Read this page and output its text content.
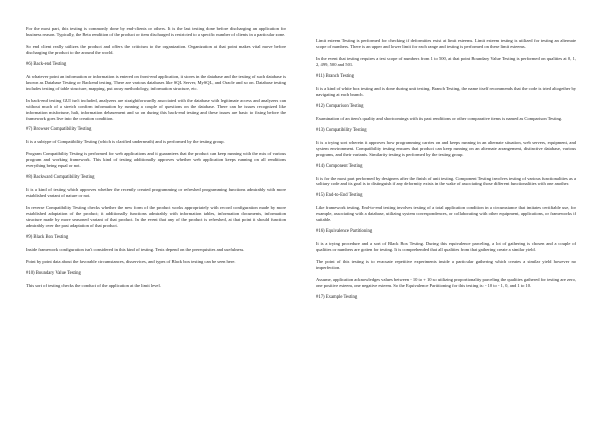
For the most part, this testing is commonly done by end-clients or others. It is the last testing done before discharging an application for business reason. Typically, the Beta rendition of the product or item discharged is restricted to a specific number of clients in a particular zone.

So end client really utilizes the product and offers the criticism to the organization. Organization at that point makes vital move before discharging the product to the around the world.

#6) Back-end Testing

At whatever point an information or information is entered on front-end application, it stores in the database and the testing of such database is known as Database Testing or Backend testing. There are various databases like SQL Server, MySQL, and Oracle and so on. Database testing includes testing of table structure, mapping, put away methodology, information structure, etc.

In back-end testing GUI isn't included, analyzers are straightforwardly associated with the database with legitimate access and analyzers can without much of a stretch confirm information by running a couple of questions on the database. There can be issues recognized like information misfortune, halt, information debasement and so on during this back-end testing and these issues are basic to fixing before the framework goes live into the creation condition.

#7) Browser Compatibility Testing

It is a subtype of Compatibility Testing (which is clarified underneath) and is performed by the testing group.

Program Compatibility Testing is performed for web applications and it guarantees that the product can keep running with the mix of various program and working framework. This kind of testing additionally approves whether web application keeps running on all renditions everything being equal or not.

#8) Backward Compatibility Testing

It is a kind of testing which approves whether the recently created programming or refreshed programming functions admirably with more established variant of nature or not.

In reverse Compatibility Testing checks whether the new form of the product works appropriately with record configuration made by more established adaptation of the product; it additionally functions admirably with information tables, information documents, information structure made by more seasoned variant of that product. In the event that any of the product is refreshed, at that point it should function admirably over the past adaptation of that product.

#9) Black Box Testing

Inside framework configuration isn't considered in this kind of testing. Tests depend on the prerequisites and usefulness.

Point by point data about the favorable circumstances, disservices, and types of Black box testing can be seen here.

#10) Boundary Value Testing

This sort of testing checks the conduct of the application at the limit level.

Limit esteem Testing is performed for checking if deformities exist at limit esteems. Limit esteem testing is utilized for testing an alternate scope of numbers. There is an upper and lower limit for each range and testing is performed on these limit esteems.

In the event that testing requires a test scope of numbers from 1 to 500, at that point Boundary Value Testing is performed on qualities at 0, 1, 2, 499, 500 and 501.

#11) Branch Testing

It is a kind of white box testing and is done during unit testing. Branch Testing, the name itself recommends that the code is tried altogether by navigating at each branch.

#12) Comparison Testing

Examination of an item's quality and shortcomings with its past renditions or other comparative items is named as Comparison Testing.

#13) Compatibility Testing

It is a trying sort wherein it approves how programming carries on and keeps running in an alternate situation, web servers, equipment, and system environment. Compatibility testing ensures that product can keep running on an alternate arrangement, distinctive database, various programs, and their variants. Similarity testing is performed by the testing group.

#14) Component Testing

It is for the most part performed by designers after the finish of unit testing. Component Testing involves testing of various functionalities as a solitary code and its goal is to distinguish if any deformity exists in the wake of associating those different functionalities with one another.

#15) End-to-End Testing

Like framework testing, End-to-end testing involves testing of a total application condition in a circumstance that imitates certifiable use, for example, associating with a database, utilizing system correspondences, or collaborating with other equipment, applications, or frameworks if suitable.

#16) Equivalence Partitioning

It is a trying procedure and a sort of Black Box Testing. During this equivalence parceling, a lot of gathering is chosen and a couple of qualities or numbers are gotten for testing. It is comprehended that all qualities from that gathering create a similar yield.

The point of this testing is to evacuate repetitive experiments inside a particular gathering which creates a similar yield however no imperfection.

Assume, application acknowledges values between - 10 to + 10 so utilizing proportionality parceling the qualities gathered for testing are zero, one positive esteem, one negative esteem. So the Equivalence Partitioning for this testing is: - 10 to - 1, 0, and 1 to 10.

#17) Example Testing
